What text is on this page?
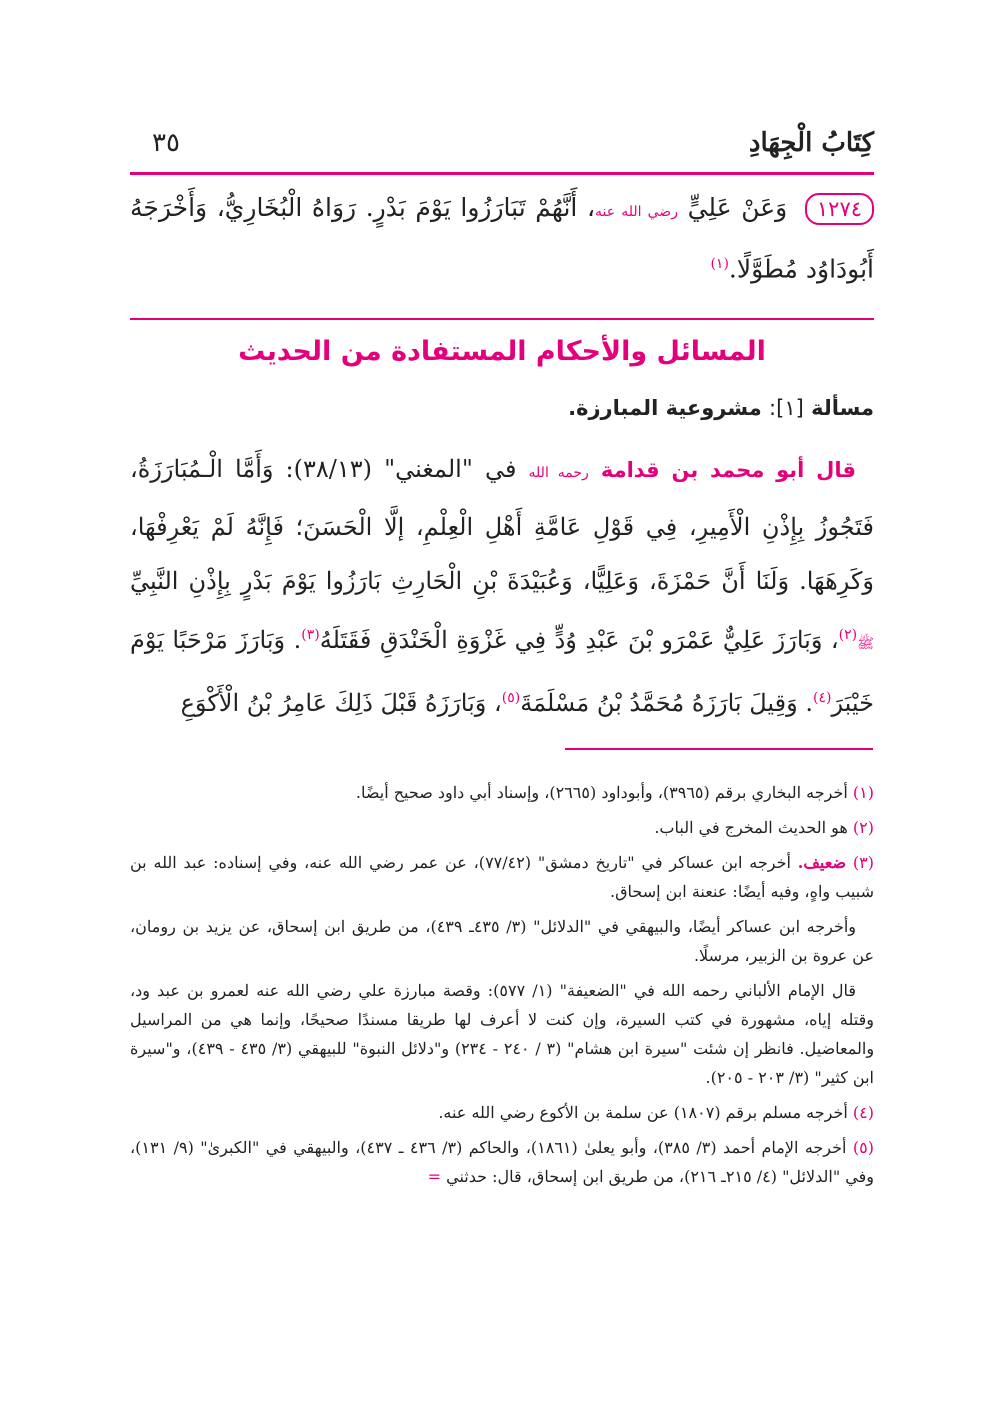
كِتَابُ الْجِهَادِ
٣٥
١٢٧٤ وَعَنْ عَلِيٍّ رضي الله عنه، أَنَّهُمْ تَبَارَزُوا يَوْمَ بَدْرٍ. رَوَاهُ الْبُخَارِيُّ، وَأَخْرَجَهُ أَبُودَاوُد مُطَوَّلًا.$^{(١)}$
المسائل والأحكام المستفادة من الحديث
مسألة [١]: مشروعية المبارزة.
قال أبو محمد بن قدامة رحمه الله في "المغني" (٣٨/١٣): وَأَمَّا الْـمُبَارَزَةُ، فَتَجُوزُ بِإِذْنِ الْأَمِيرِ، فِي قَوْلِ عَامَّةِ أَهْلِ الْعِلْمِ، إلَّا الْحَسَنَ؛ فَإِنَّهُ لَمْ يَعْرِفْهَا، وَكَرِهَهَا. وَلَنَا أَنَّ حَمْزَةَ، وَعَلِيًّا، وَعُبَيْدَةَ بْنِ الْحَارِثِ بَارَزُوا يَوْمَ بَدْرٍ بِإِذْنِ النَّبِيِّ ﷺ$^{(٢)}$، وَبَارَزَ عَلِيٌّ عَمْرَو بْنَ عَبْدِ وُدٍّ فِي غَزْوَةِ الْخَنْدَقِ فَقَتَلَهُ$^{(٣)}$. وَبَارَزَ مَرْحَبًا يَوْمَ خَيْبَرَ$^{(٤)}$. وَقِيلَ بَارَزَهُ مُحَمَّدُ بْنُ مَسْلَمَةَ$^{(٥)}$، وَبَارَزَهُ قَبْلَ ذَلِكَ عَامِرُ بْنُ الْأَكْوَعِ
(١) أخرجه البخاري برقم (٣٩٦٥)، وأبوداود (٢٦٦٥)، وإسناد أبي داود صحيح أيضًا.
(٢) هو الحديث المخرج في الباب.
(٣) ضعيف. أخرجه ابن عساكر في "تاريخ دمشق" (٧٧/٤٢)، عن عمر رضي الله عنه، وفي إسناده: عبد الله بن شبيب واهٍ، وفيه أيضًا: عنعنة ابن إسحاق.
وأخرجه ابن عساكر أيضًا، والبيهقي في "الدلائل" (٣/ ٤٣٥ـ ٤٣٩)، من طريق ابن إسحاق، عن يزيد بن رومان، عن عروة بن الزبير، مرسلًا.
قال الإمام الألباني رحمه الله في "الضعيفة" (١/ ٥٧٧): وقصة مبارزة علي رضي الله عنه لعمرو بن عبد ود، وقتله إياه، مشهورة في كتب السيرة، وإن كنت لا أعرف لها طريقا مسندًا صحيحًا، وإنما هي من المراسيل والمعاضيل. فانظر إن شئت "سيرة ابن هشام" (٣ / ٢٤٠ - ٢٣٤) و"دلائل النبوة" للبيهقي (٣/ ٤٣٥ - ٤٣٩)، و"سيرة ابن كثير" (٣/ ٢٠٣ - ٢٠٥).
(٤) أخرجه مسلم برقم (١٨٠٧) عن سلمة بن الأكوع رضي الله عنه.
(٥) أخرجه الإمام أحمد (٣/ ٣٨٥)، وأبو يعلىٰ (١٨٦١)، والحاكم (٣/ ٤٣٦ ـ ٤٣٧)، والبيهقي في "الكبرىٰ" (٩/ ١٣١)، وفي "الدلائل" (٤/ ٢١٥ـ ٢١٦)، من طريق ابن إسحاق، قال: حدثني =
